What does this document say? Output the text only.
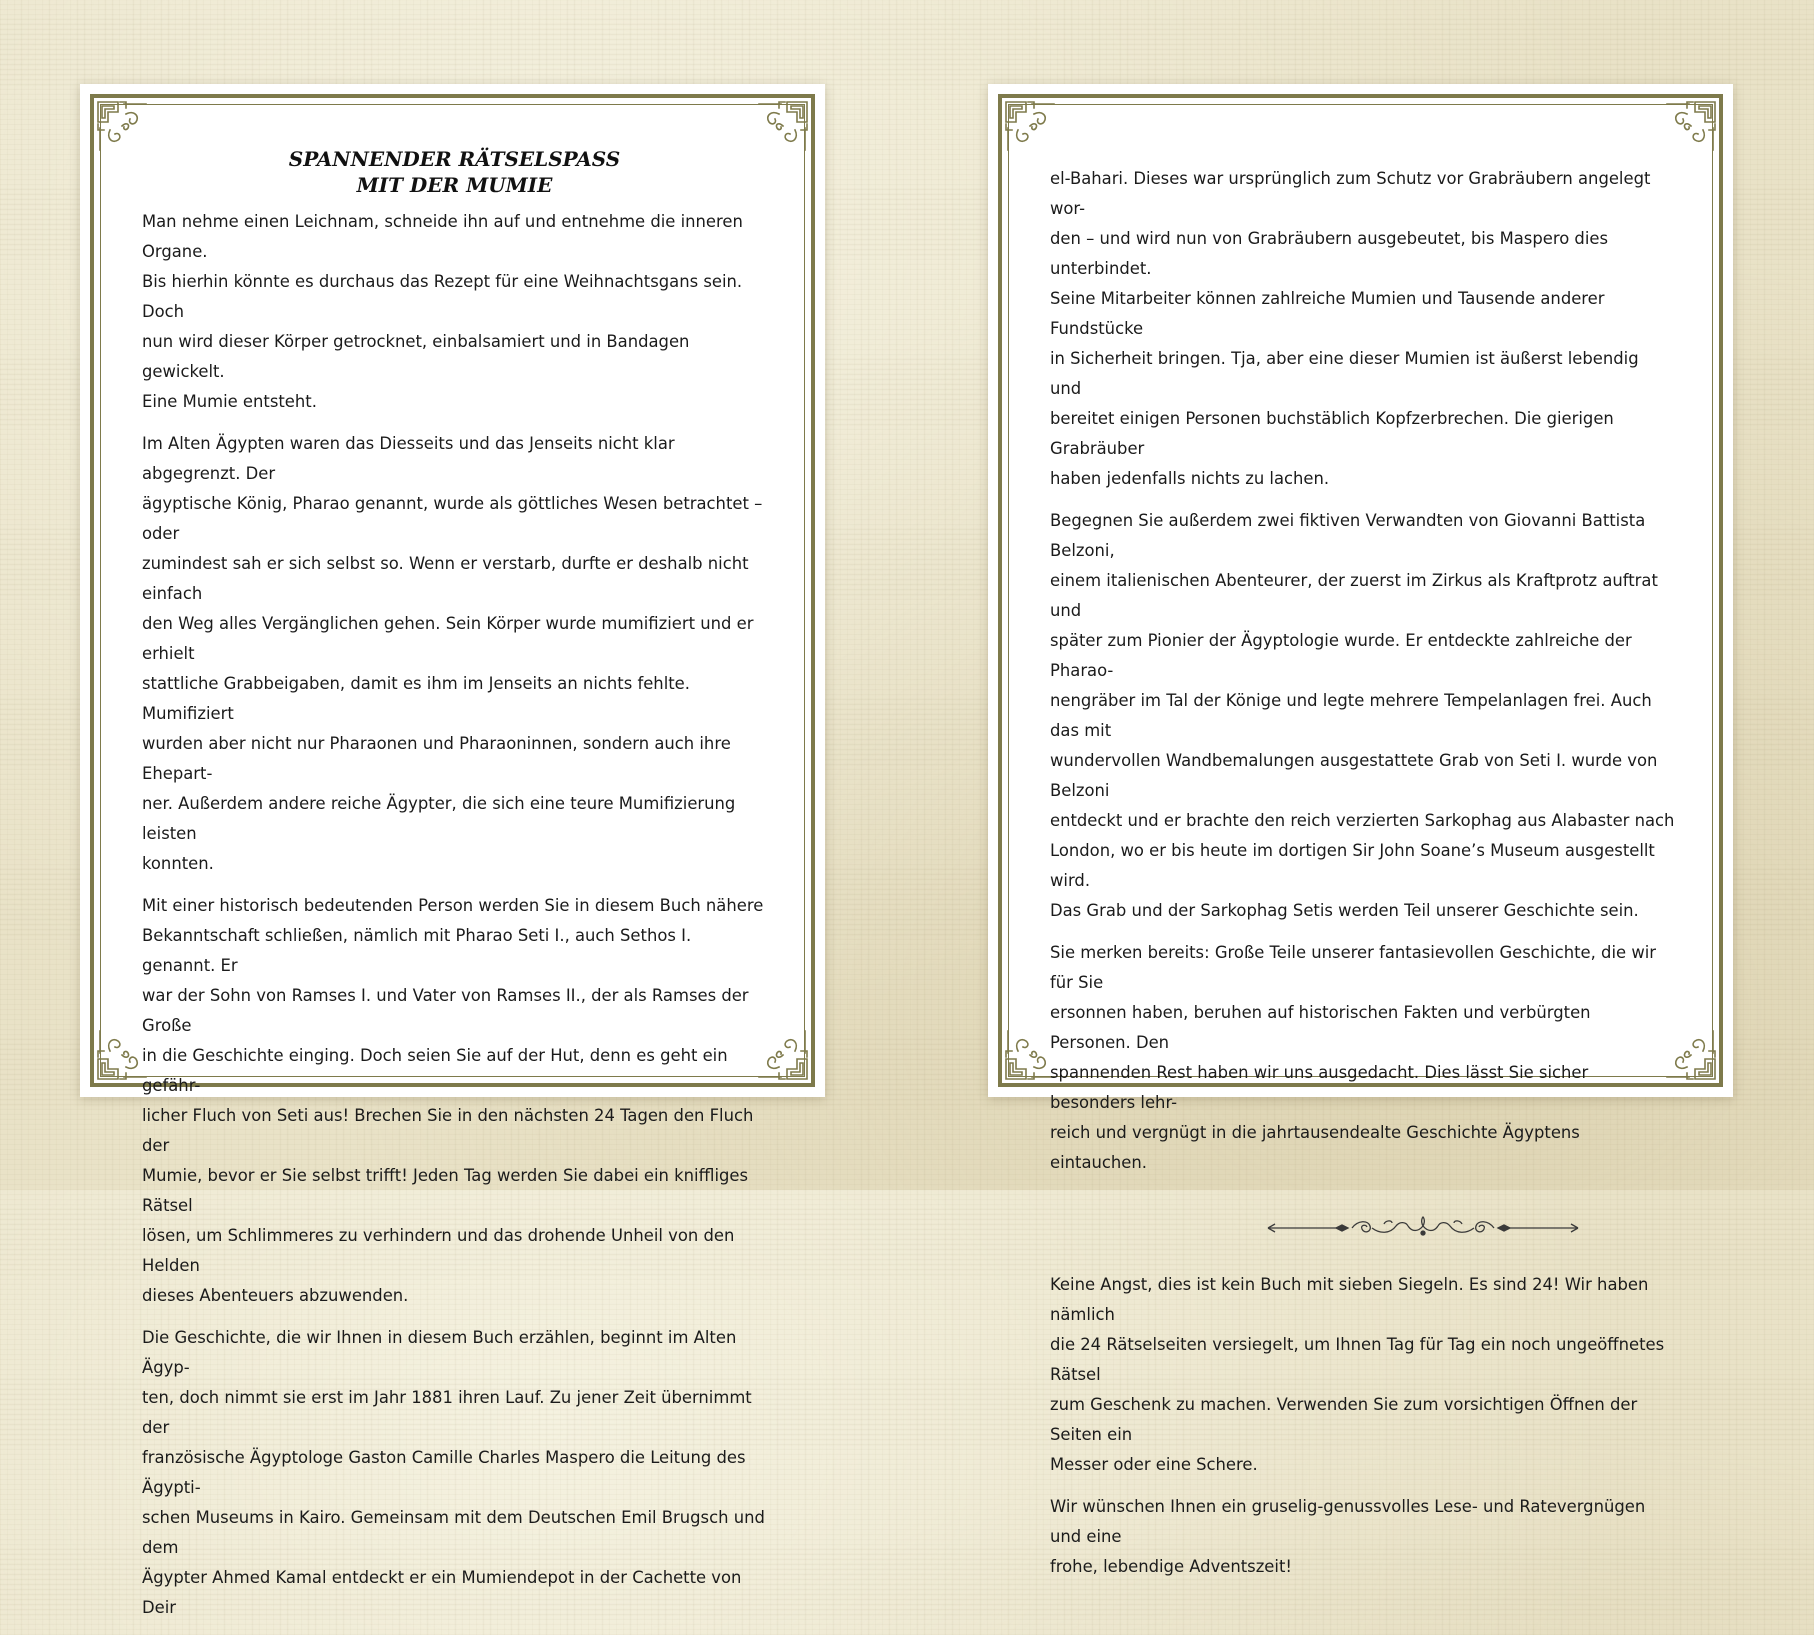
SPANNENDER RÄTSELSPASS
MIT DER MUMIE

Man nehme einen Leichnam, schneide ihn auf und entnehme die inneren Organe.
Bis hierhin könnte es durchaus das Rezept für eine Weihnachtsgans sein. Doch
nun wird dieser Körper getrocknet, einbalsamiert und in Bandagen gewickelt.
Eine Mumie entsteht.

Im Alten Ägypten waren das Diesseits und das Jenseits nicht klar abgegrenzt. Der
ägyptische König, Pharao genannt, wurde als göttliches Wesen betrachtet – oder
zumindest sah er sich selbst so. Wenn er verstarb, durfte er deshalb nicht einfach
den Weg alles Vergänglichen gehen. Sein Körper wurde mumifiziert und er erhielt
stattliche Grabbeigaben, damit es ihm im Jenseits an nichts fehlte. Mumifiziert
wurden aber nicht nur Pharaonen und Pharaoninnen, sondern auch ihre Ehepart-
ner. Außerdem andere reiche Ägypter, die sich eine teure Mumifizierung leisten
konnten.

Mit einer historisch bedeutenden Person werden Sie in diesem Buch nähere
Bekanntschaft schließen, nämlich mit Pharao Seti I., auch Sethos I. genannt. Er
war der Sohn von Ramses I. und Vater von Ramses II., der als Ramses der Große
in die Geschichte einging. Doch seien Sie auf der Hut, denn es geht ein gefähr-
licher Fluch von Seti aus! Brechen Sie in den nächsten 24 Tagen den Fluch der
Mumie, bevor er Sie selbst trifft! Jeden Tag werden Sie dabei ein kniffliges Rätsel
lösen, um Schlimmeres zu verhindern und das drohende Unheil von den Helden
dieses Abenteuers abzuwenden.

Die Geschichte, die wir Ihnen in diesem Buch erzählen, beginnt im Alten Ägyp-
ten, doch nimmt sie erst im Jahr 1881 ihren Lauf. Zu jener Zeit übernimmt der
französische Ägyptologe Gaston Camille Charles Maspero die Leitung des Ägypti-
schen Museums in Kairo. Gemeinsam mit dem Deutschen Emil Brugsch und dem
Ägypter Ahmed Kamal entdeckt er ein Mumiendepot in der Cachette von Deir

el-Bahari. Dieses war ursprünglich zum Schutz vor Grabräubern angelegt wor-
den – und wird nun von Grabräubern ausgebeutet, bis Maspero dies unterbindet.
Seine Mitarbeiter können zahlreiche Mumien und Tausende anderer Fundstücke
in Sicherheit bringen. Tja, aber eine dieser Mumien ist äußerst lebendig und
bereitet einigen Personen buchstäblich Kopfzerbrechen. Die gierigen Grabräuber
haben jedenfalls nichts zu lachen.

Begegnen Sie außerdem zwei fiktiven Verwandten von Giovanni Battista Belzoni,
einem italienischen Abenteurer, der zuerst im Zirkus als Kraftprotz auftrat und
später zum Pionier der Ägyptologie wurde. Er entdeckte zahlreiche der Pharao-
nengräber im Tal der Könige und legte mehrere Tempelanlagen frei. Auch das mit
wundervollen Wandbemalungen ausgestattete Grab von Seti I. wurde von Belzoni
entdeckt und er brachte den reich verzierten Sarkophag aus Alabaster nach
London, wo er bis heute im dortigen Sir John Soane’s Museum ausgestellt wird.
Das Grab und der Sarkophag Setis werden Teil unserer Geschichte sein.

Sie merken bereits: Große Teile unserer fantasievollen Geschichte, die wir für Sie
ersonnen haben, beruhen auf historischen Fakten und verbürgten Personen. Den
spannenden Rest haben wir uns ausgedacht. Dies lässt Sie sicher besonders lehr-
reich und vergnügt in die jahrtausendealte Geschichte Ägyptens eintauchen.

Keine Angst, dies ist kein Buch mit sieben Siegeln. Es sind 24! Wir haben nämlich
die 24 Rätselseiten versiegelt, um Ihnen Tag für Tag ein noch ungeöffnetes Rätsel
zum Geschenk zu machen. Verwenden Sie zum vorsichtigen Öffnen der Seiten ein
Messer oder eine Schere.

Wir wünschen Ihnen ein gruselig-genussvolles Lese- und Ratevergnügen und eine
frohe, lebendige Adventszeit!
